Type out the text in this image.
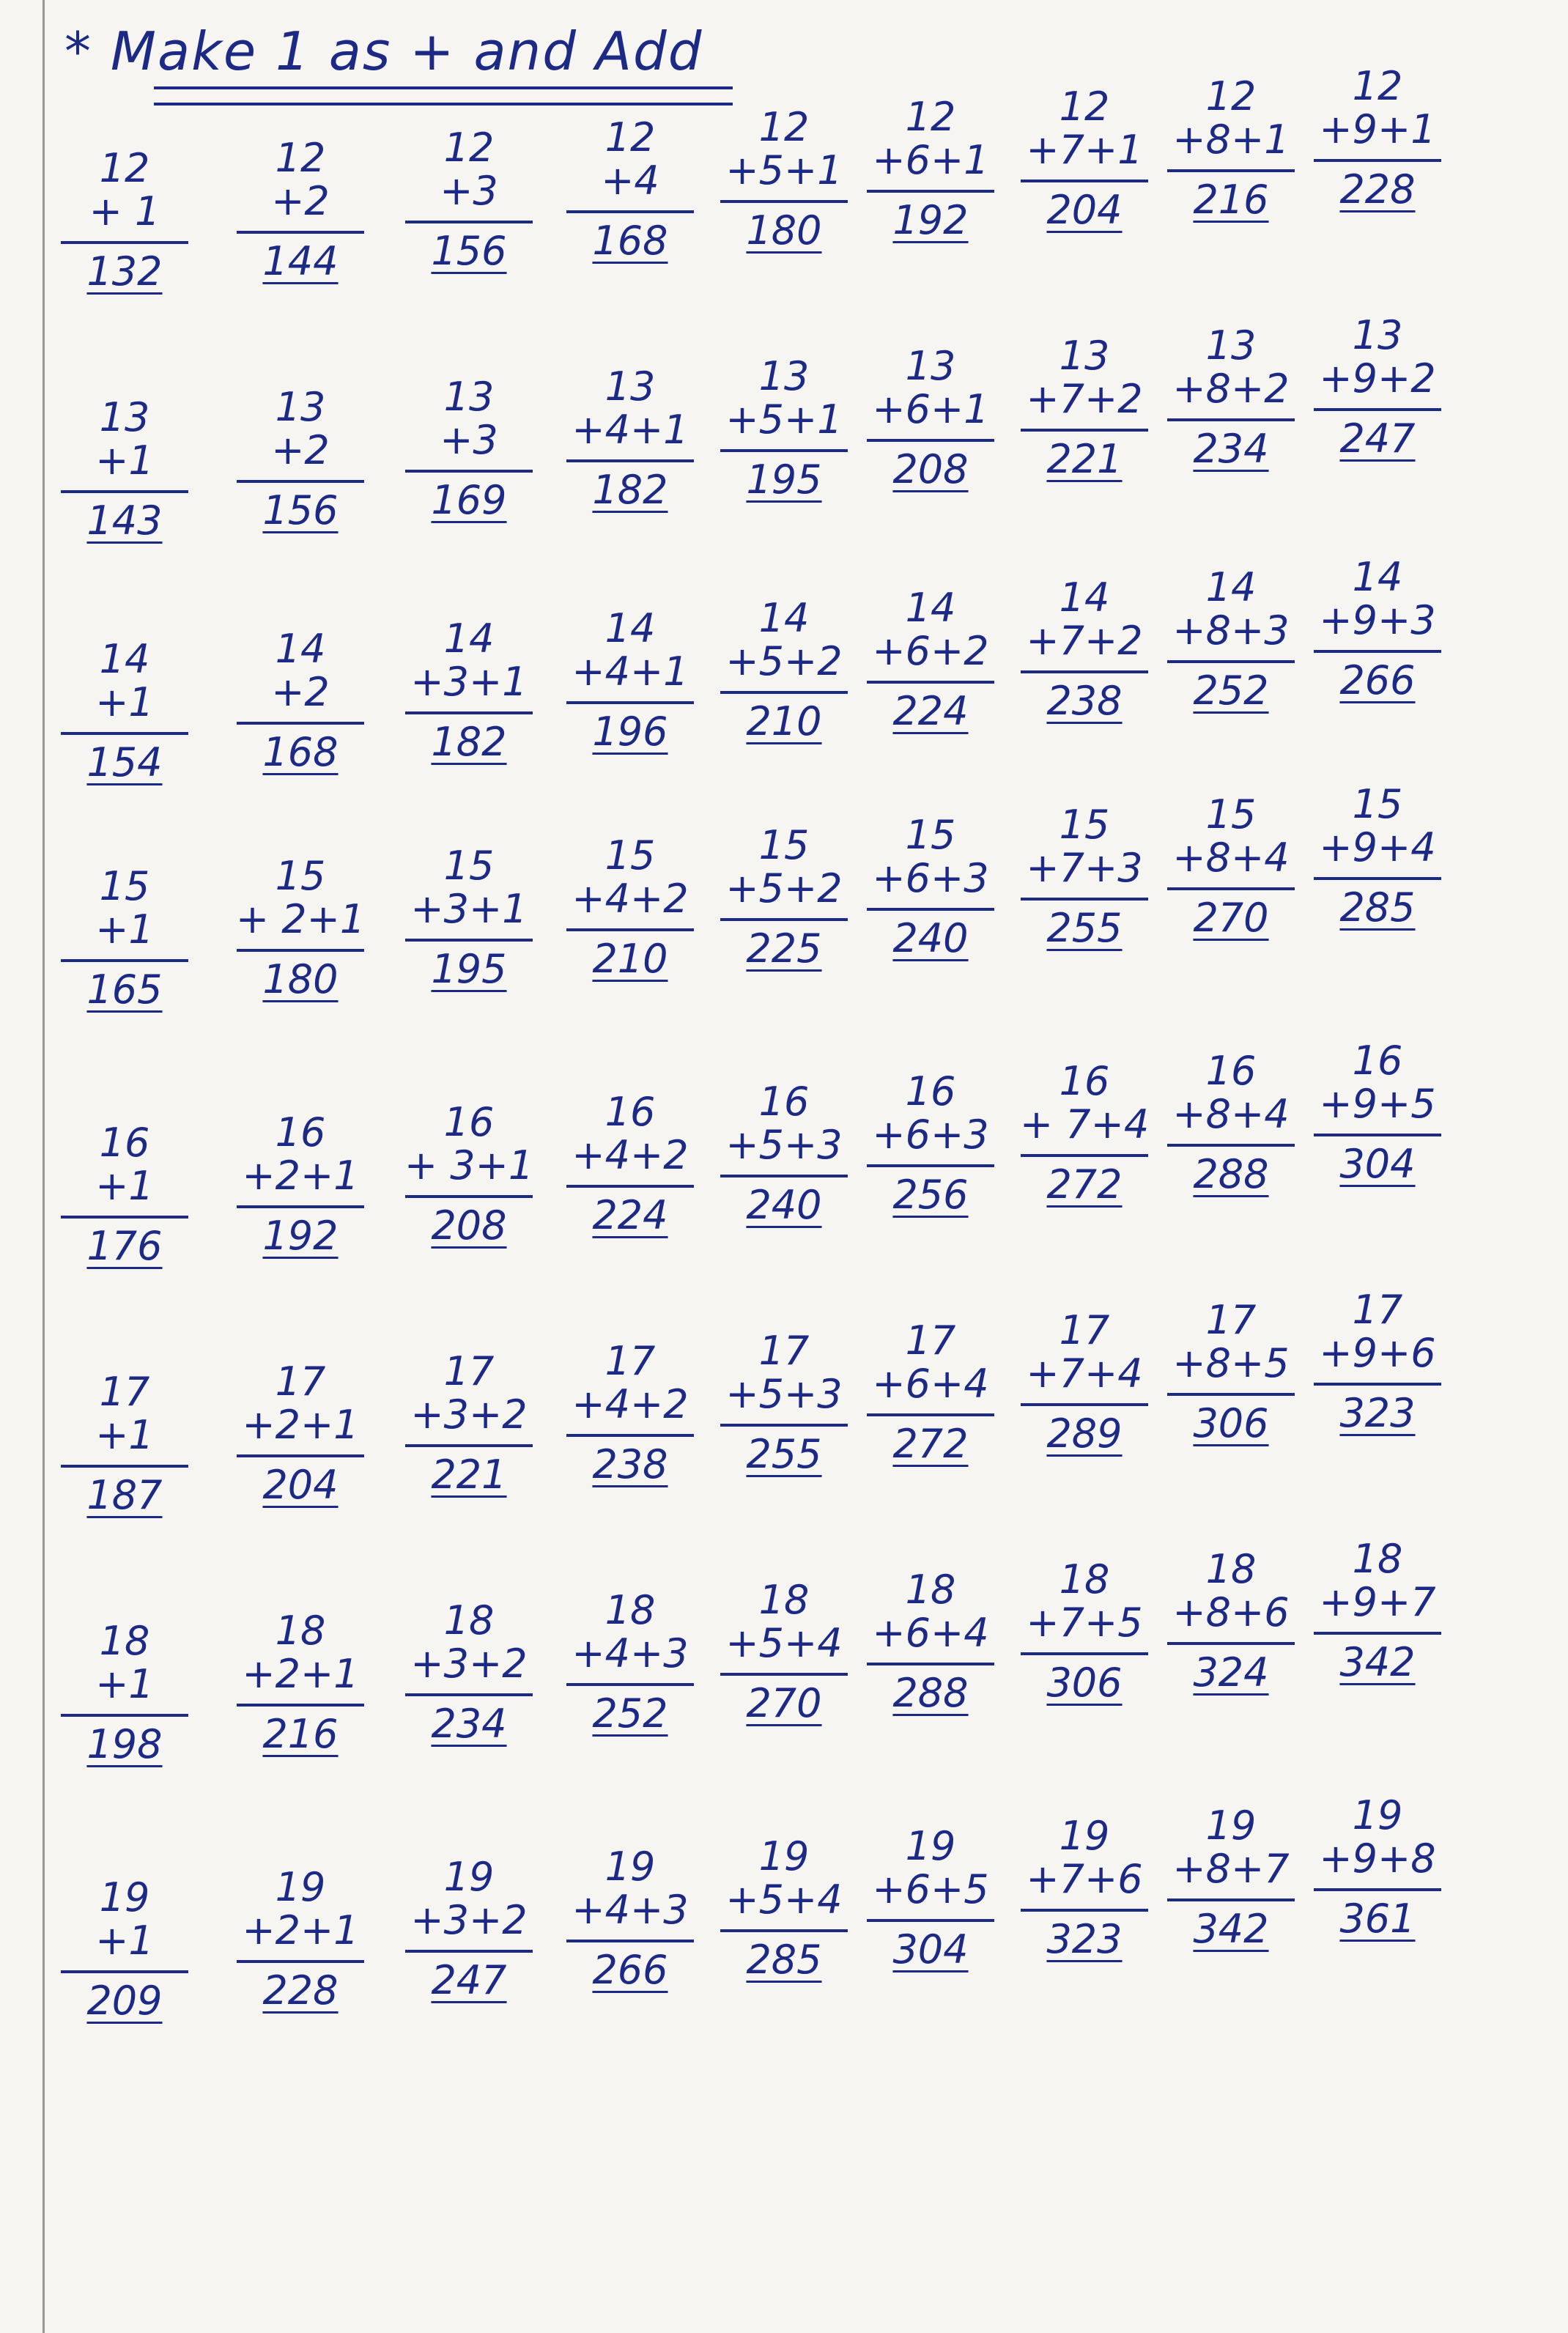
* Make 1 as + and Add
12
+ 1
132
12
+2
144
12
+3
156
12
+4
168
12
+5+1
180
12
+6+1
192
12
+7+1
204
12
+8+1
216
12
+9+1
228
13
+1
143
13
+2
156
13
+3
169
13
+4+1
182
13
+5+1
195
13
+6+1
208
13
+7+2
221
13
+8+2
234
13
+9+2
247
14
+1
154
14
+2
168
14
+3+1
182
14
+4+1
196
14
+5+2
210
14
+6+2
224
14
+7+2
238
14
+8+3
252
14
+9+3
266
15
+1
165
15
+ 2+1
180
15
+3+1
195
15
+4+2
210
15
+5+2
225
15
+6+3
240
15
+7+3
255
15
+8+4
270
15
+9+4
285
16
+1
176
16
+2+1
192
16
+ 3+1
208
16
+4+2
224
16
+5+3
240
16
+6+3
256
16
+ 7+4
272
16
+8+4
288
16
+9+5
304
17
+1
187
17
+2+1
204
17
+3+2
221
17
+4+2
238
17
+5+3
255
17
+6+4
272
17
+7+4
289
17
+8+5
306
17
+9+6
323
18
+1
198
18
+2+1
216
18
+3+2
234
18
+4+3
252
18
+5+4
270
18
+6+4
288
18
+7+5
306
18
+8+6
324
18
+9+7
342
19
+1
209
19
+2+1
228
19
+3+2
247
19
+4+3
266
19
+5+4
285
19
+6+5
304
19
+7+6
323
19
+8+7
342
19
+9+8
361
